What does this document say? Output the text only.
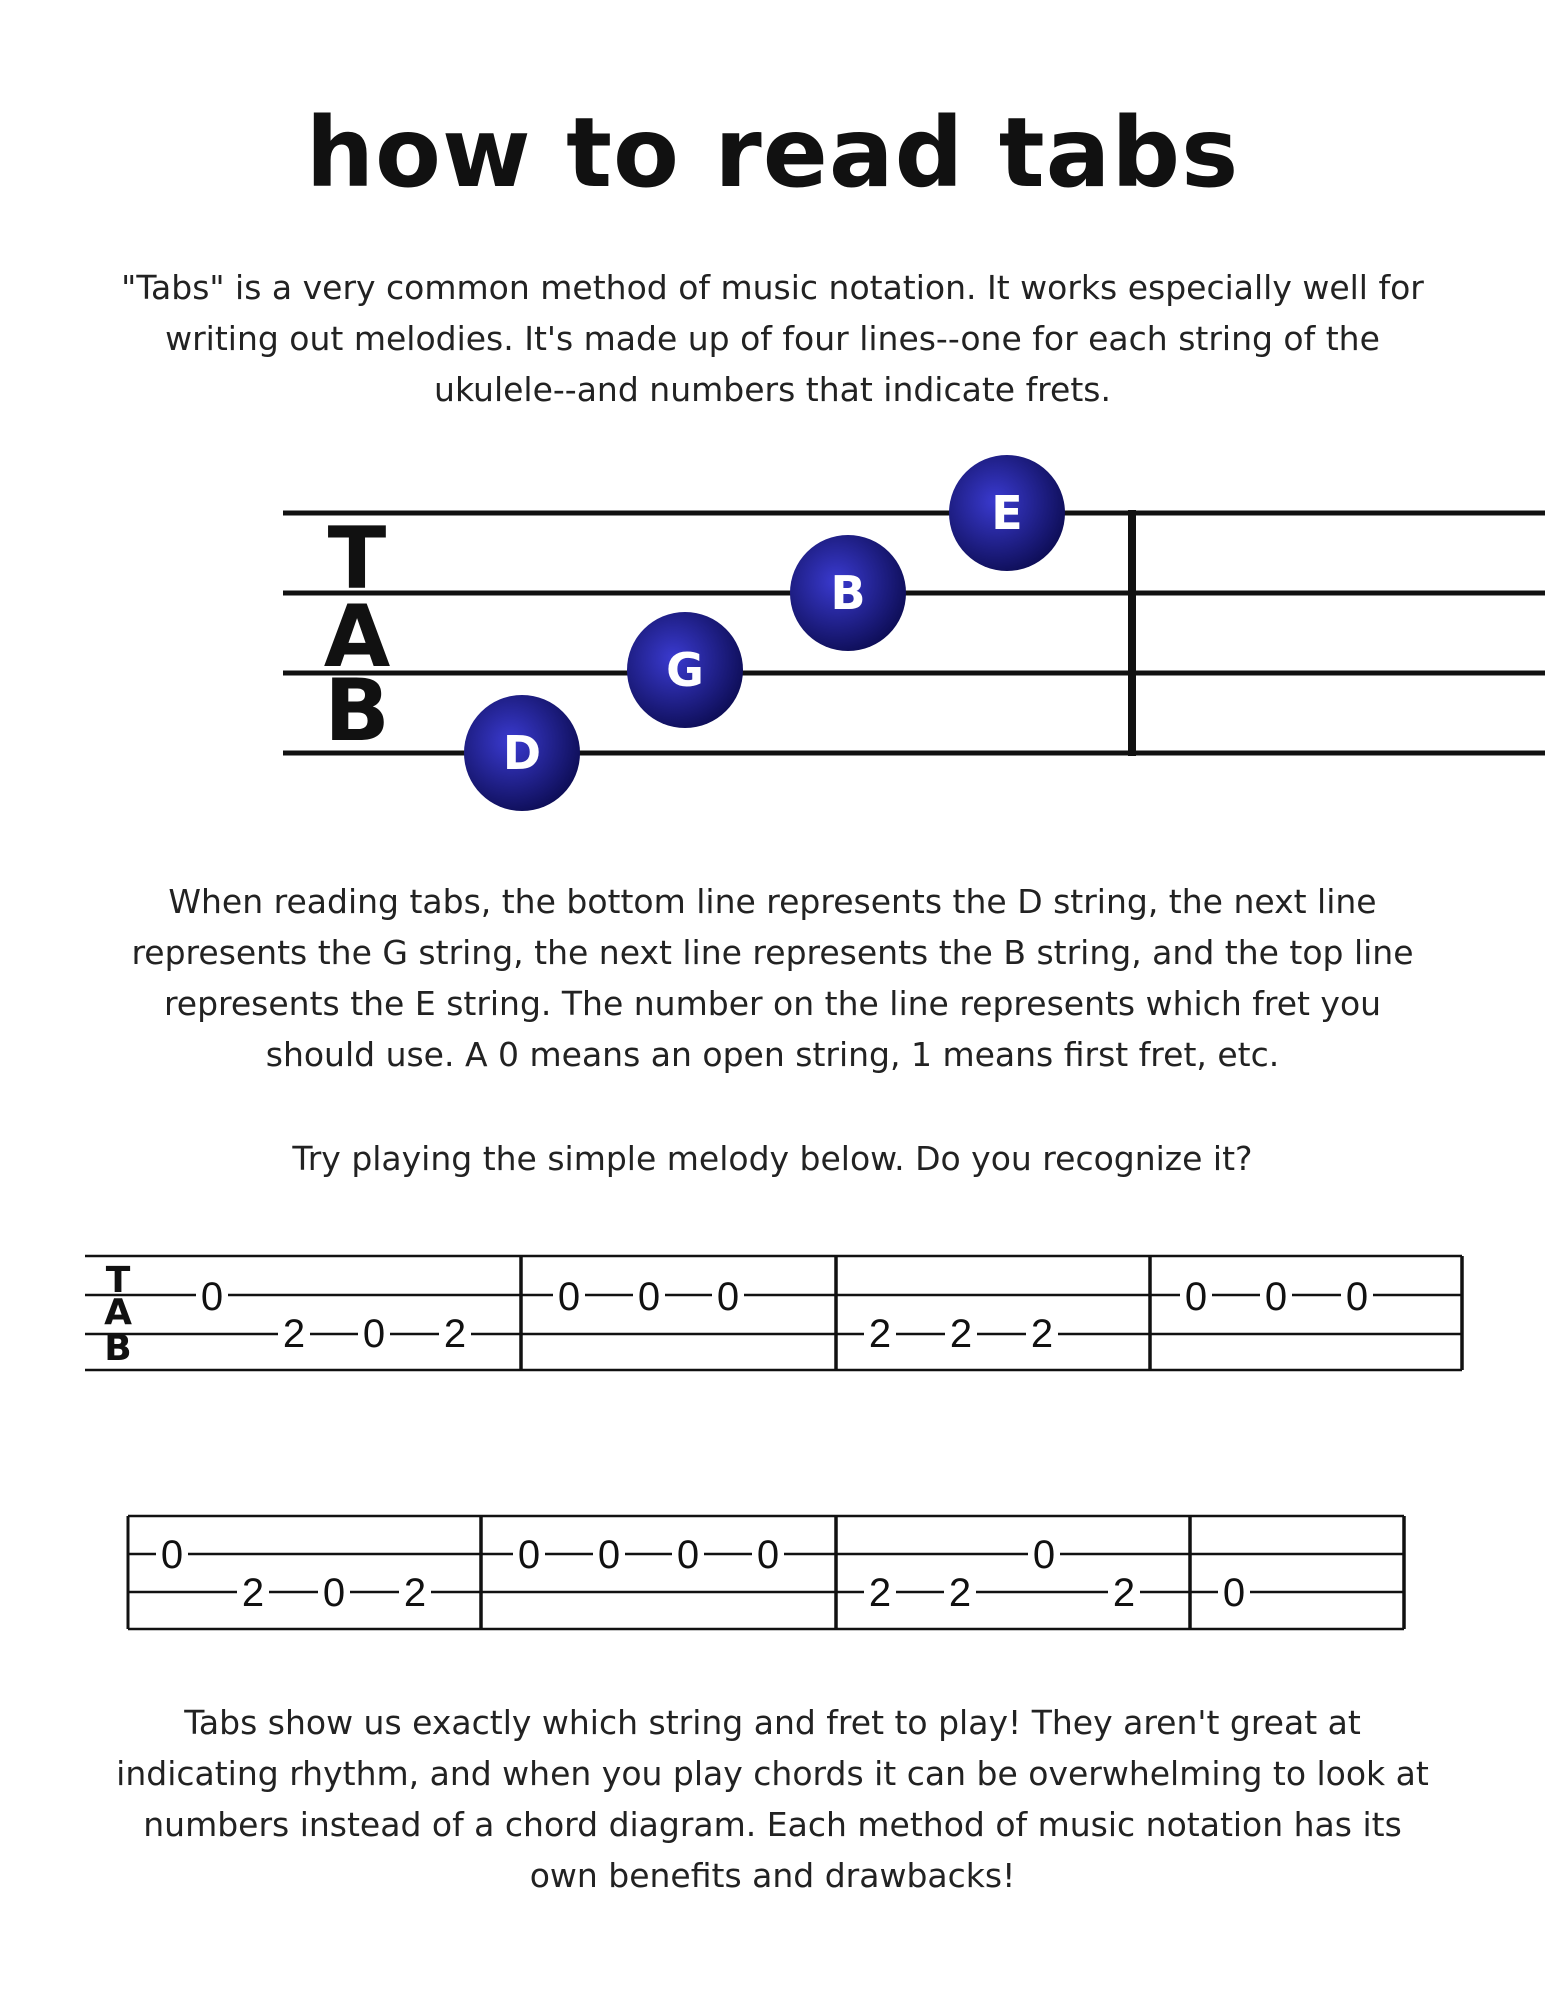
how to read tabs

"Tabs" is a very common method of music notation. It works especially well for writing out melodies. It's made up of four lines--one for each string of the ukulele--and numbers that indicate frets.

T
A
B D
G
B
E

When reading tabs, the bottom line represents the D string, the next line represents the G string, the next line represents the B string, and the top line represents the E string. The number on the line represents which fret you should use. A 0 means an open string, 1 means first fret, etc.

Try playing the simple melody below. Do you recognize it?

T
A
B
0
2 0 2
0 0 0
2 2 2
0 0 0
0
2 0 2
0 0 0 0
2 2
0
2 0

Tabs show us exactly which string and fret to play! They aren't great at indicating rhythm, and when you play chords it can be overwhelming to look at numbers instead of a chord diagram. Each method of music notation has its own benefits and drawbacks!
